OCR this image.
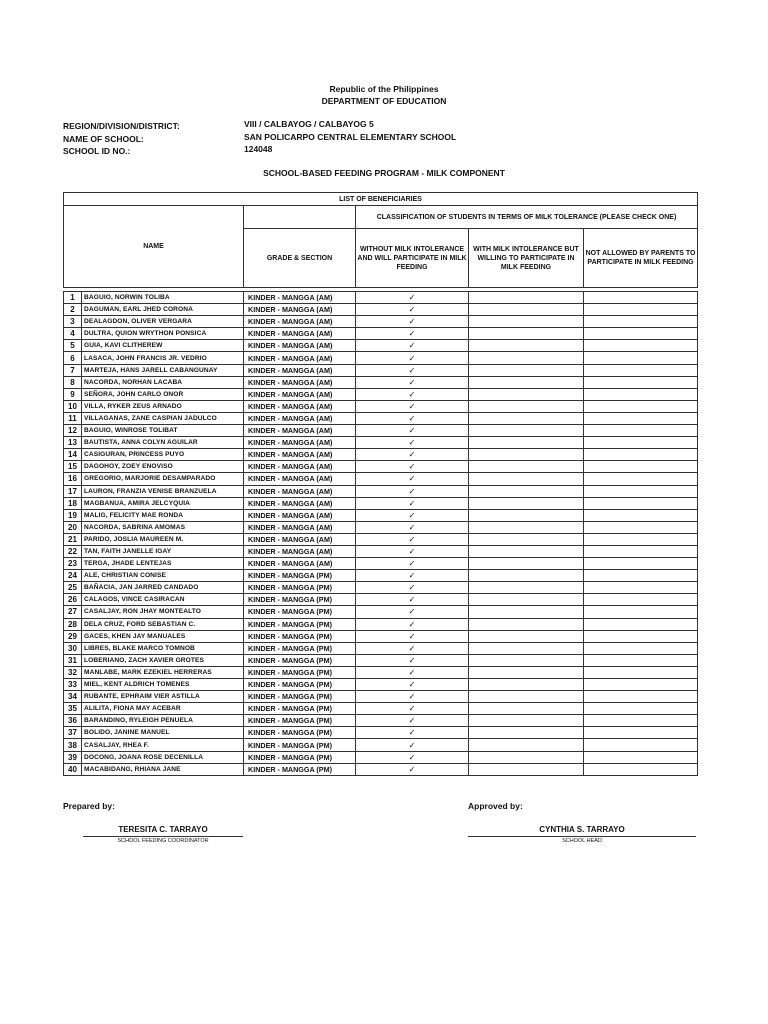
Republic of the Philippines
DEPARTMENT OF EDUCATION
REGION/DIVISION/DISTRICT:	VIII / CALBAYOG / CALBAYOG 5
NAME OF SCHOOL:	SAN POLICARPO CENTRAL ELEMENTARY SCHOOL
SCHOOL ID NO.:	124048
SCHOOL-BASED FEEDING PROGRAM - MILK COMPONENT
LIST OF BENEFICIARIES					
NAME			CLASSIFICATION OF STUDENTS IN TERMS OF MILK TOLERANCE (PLEASE CHECK ONE)		
		GRADE & SECTION	WITHOUT MILK INTOLERANCE AND WILL PARTICIPATE IN MILK FEEDING	WITH MILK INTOLERANCE BUT WILLING TO PARTICIPATE IN MILK FEEDING	NOT ALLOWED BY PARENTS TO PARTICIPATE IN MILK FEEDING

1	BAGUIO, NORWIN TOLIBA	KINDER - MANGGA (AM)	✓		
2	DAGUMAN, EARL JHED CORONA	KINDER - MANGGA (AM)	✓		
3	DEALAGDON, OLIVER VERGARA	KINDER - MANGGA (AM)	✓		
4	DULTRA, QUION WRYTHON PONSICA	KINDER - MANGGA (AM)	✓		
5	GUIA, KAVI CLITHEREW	KINDER - MANGGA (AM)	✓		
6	LASACA, JOHN FRANCIS JR. VEDRIO	KINDER - MANGGA (AM)	✓		
7	MARTEJA, HANS JARELL CABANGUNAY	KINDER - MANGGA (AM)	✓		
8	NACORDA, NORHAN LACABA	KINDER - MANGGA (AM)	✓		
9	SEÑORA, JOHN CARLO ONOR	KINDER - MANGGA (AM)	✓		
10	VILLA, RYKER ZEUS ARNADO	KINDER - MANGGA (AM)	✓		
11	VILLAGANAS, ZANE CASPIAN JADULCO	KINDER - MANGGA (AM)	✓		
12	BAGUIO, WINROSE TOLIBAT	KINDER - MANGGA (AM)	✓		
13	BAUTISTA, ANNA COLYN AGUILAR	KINDER - MANGGA (AM)	✓		
14	CASIGURAN, PRINCESS PUYO	KINDER - MANGGA (AM)	✓		
15	DAGOHOY, ZOEY ENOVISO	KINDER - MANGGA (AM)	✓		
16	GREGORIO, MARJORIE DESAMPARADO	KINDER - MANGGA (AM)	✓		
17	LAURON, FRANZIA VENISE BRANZUELA	KINDER - MANGGA (AM)	✓		
18	MAGBANUA, AMIRA JELCYQUIA	KINDER - MANGGA (AM)	✓		
19	MALIG, FELICITY MAE RONDA	KINDER - MANGGA (AM)	✓		
20	NACORDA, SABRINA AMOMAS	KINDER - MANGGA (AM)	✓		
21	PARIDO, JOSLIA MAUREEN M.	KINDER - MANGGA (AM)	✓		
22	TAN, FAITH JANELLE IGAY	KINDER - MANGGA (AM)	✓		
23	TERGA, JHADE LENTEJAS	KINDER - MANGGA (AM)	✓		
24	ALE, CHRISTIAN CONISE	KINDER - MANGGA (PM)	✓		
25	BAÑACIA, JAN JARRED CANDADO	KINDER - MANGGA (PM)	✓		
26	CALAGOS, VINCE CASIRACAN	KINDER - MANGGA (PM)	✓		
27	CASALJAY, RON JHAY MONTEALTO	KINDER - MANGGA (PM)	✓		
28	DELA CRUZ, FORD SEBASTIAN C.	KINDER - MANGGA (PM)	✓		
29	GACES, KHEN JAY MANUALES	KINDER - MANGGA (PM)	✓		
30	LIBRES, BLAKE MARCO TOMNOB	KINDER - MANGGA (PM)	✓		
31	LOBERIANO, ZACH XAVIER GROTES	KINDER - MANGGA (PM)	✓		
32	MANLABE, MARK EZEKIEL HERRERAS	KINDER - MANGGA (PM)	✓		
33	MIEL, KENT ALDRICH TOMENES	KINDER - MANGGA (PM)	✓		
34	RUBANTE, EPHRAIM VIER ASTILLA	KINDER - MANGGA (PM)	✓		
35	ALILITA, FIONA MAY ACEBAR	KINDER - MANGGA (PM)	✓		
36	BARANDINO, RYLEIGH PENUELA	KINDER - MANGGA (PM)	✓		
37	BOLIDO, JANINE MANUEL	KINDER - MANGGA (PM)	✓		
38	CASALJAY, RHEA F.	KINDER - MANGGA (PM)	✓		
39	DOCONG, JOANA ROSE DECENILLA	KINDER - MANGGA (PM)	✓		
40	MACABIDANG, RHIANA JANE	KINDER - MANGGA (PM)	✓		
Prepared by:
TERESITA C. TARRAYO
SCHOOL FEEDING COORDINATOR
Approved by:
CYNTHIA S. TARRAYO
SCHOOL HEAD
